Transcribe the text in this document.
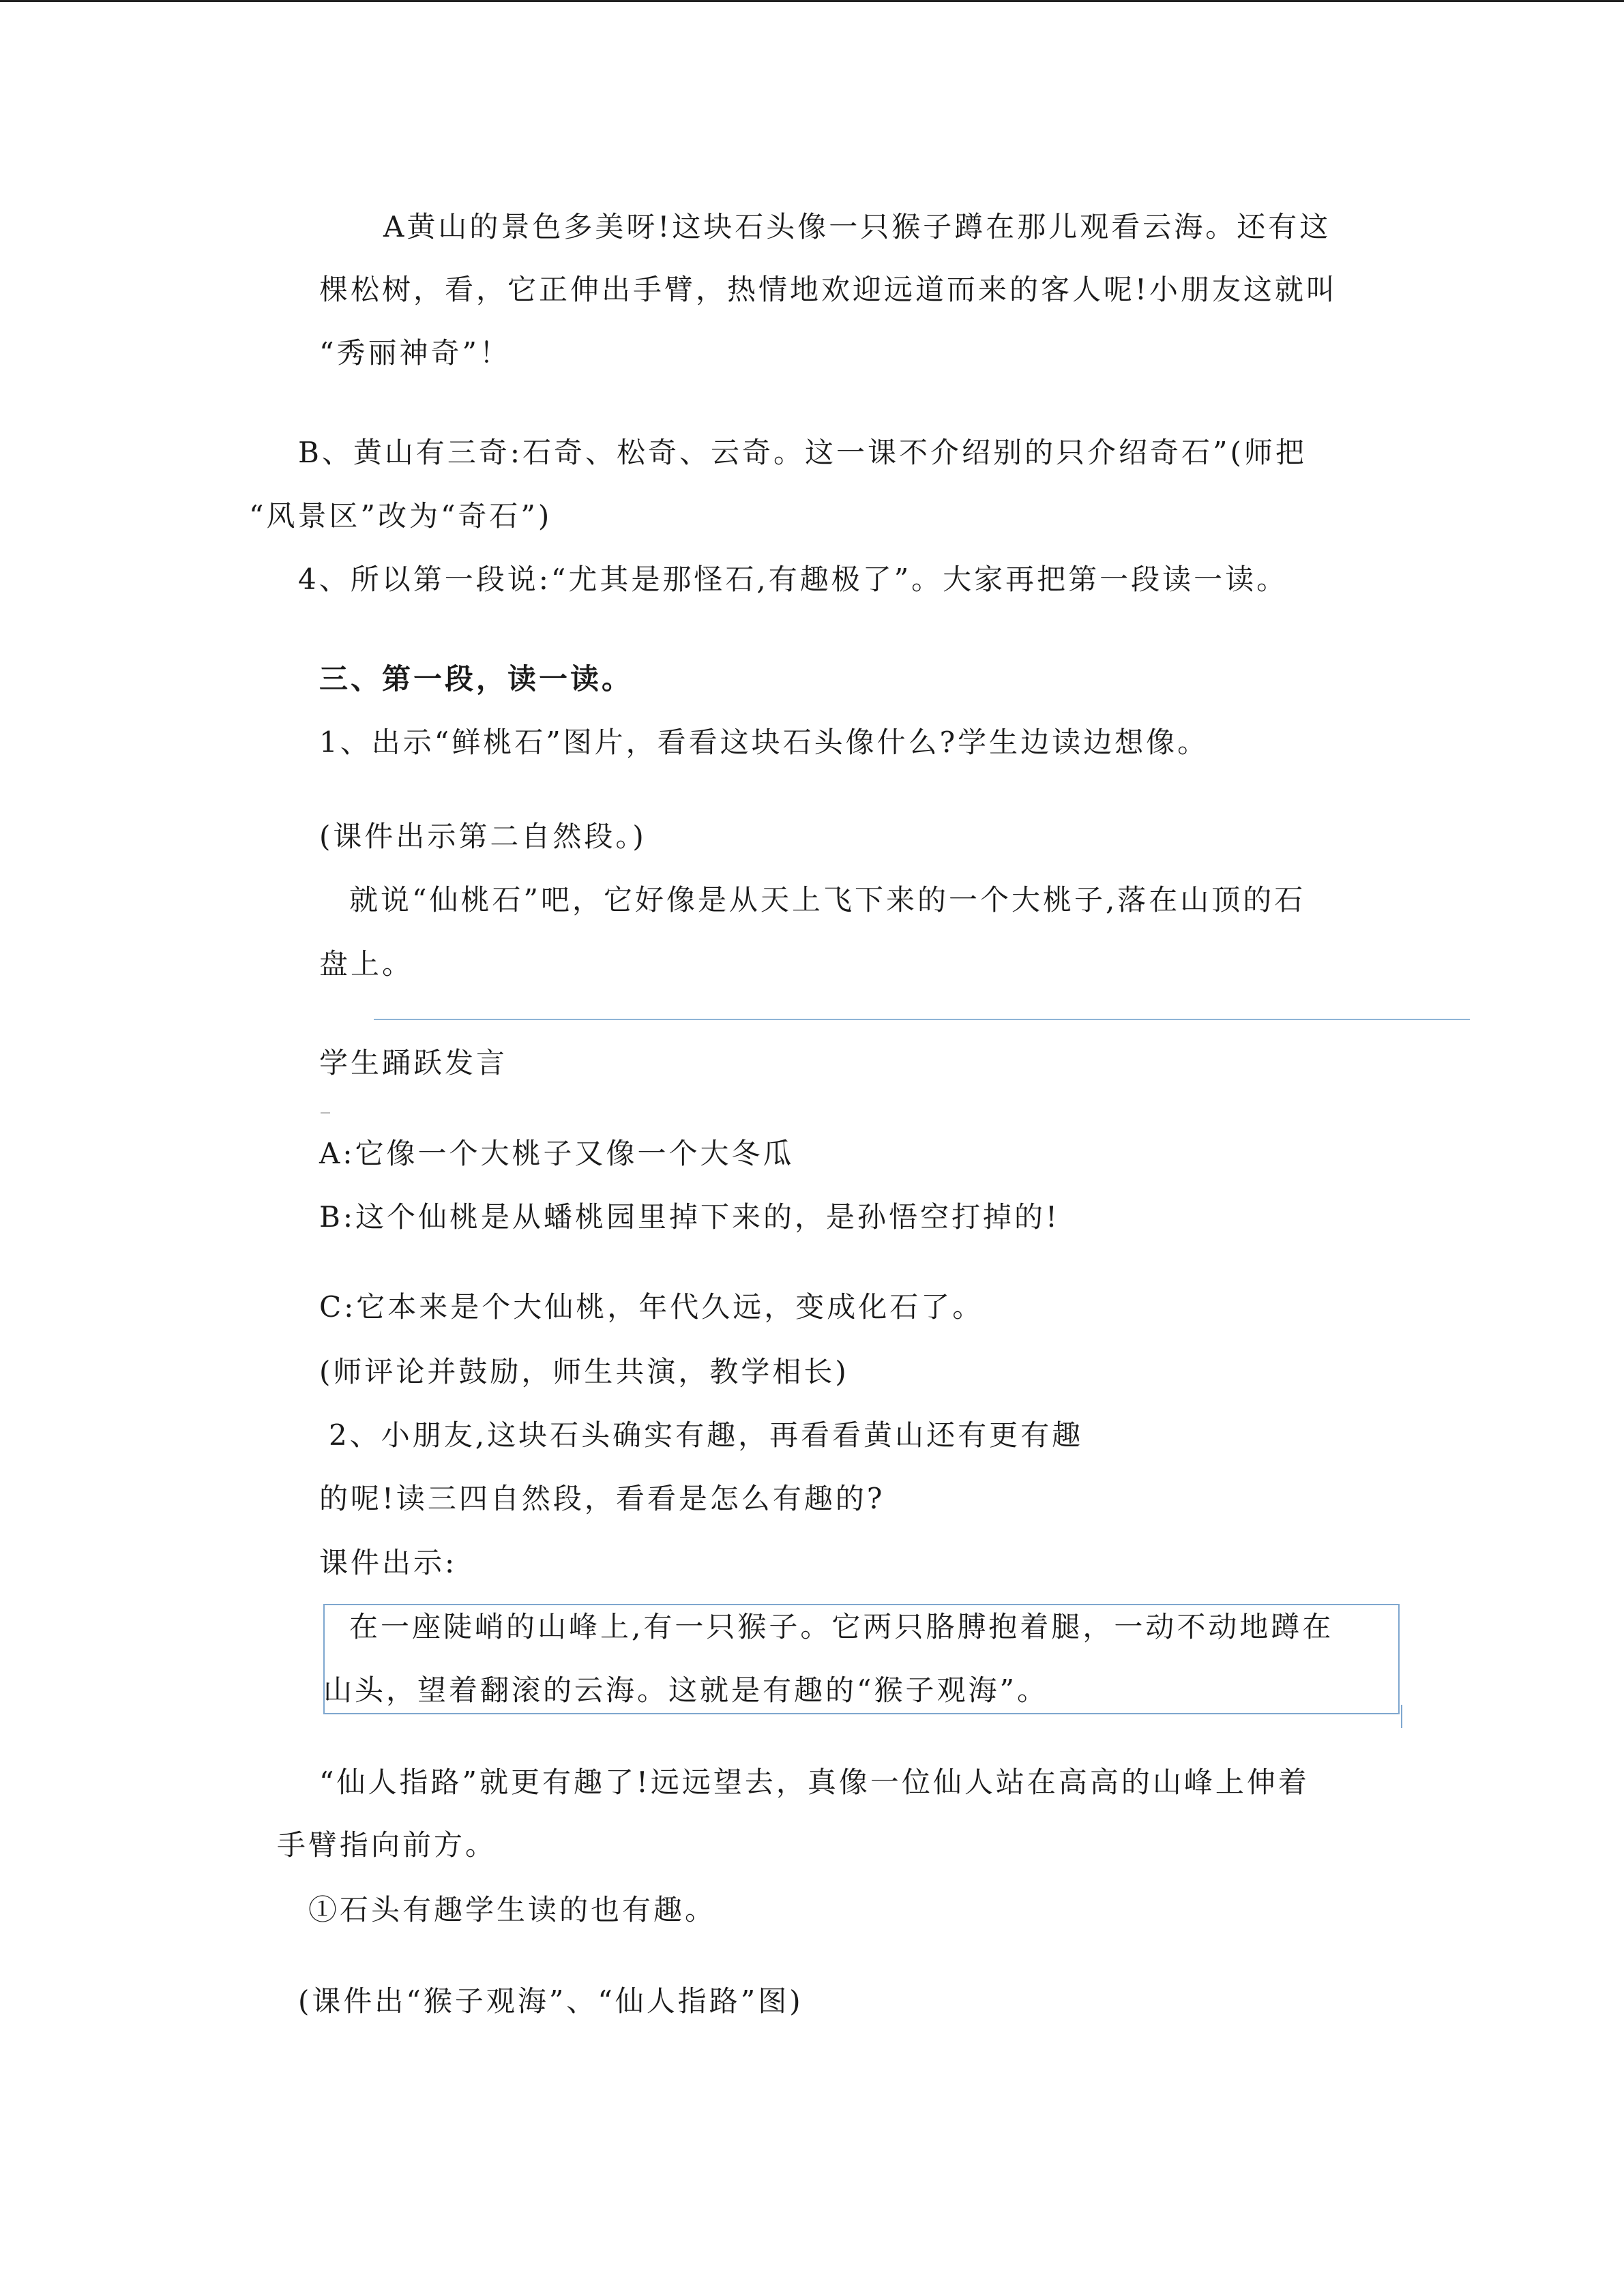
A黄山的景色多美呀!这块石头像一只猴子蹲在那儿观看云海。还有这
棵松树，看，它正伸出手臂，热情地欢迎远道而来的客人呢!小朋友这就叫
“秀丽神奇”！
B、黄山有三奇:石奇、松奇、云奇。这一课不介绍别的只介绍奇石”(师把
“风景区”改为“奇石”)
4、所以第一段说:“尤其是那怪石,有趣极了”。大家再把第一段读一读。
三、第一段，读一读。
1、出示“鲜桃石”图片，看看这块石头像什么?学生边读边想像。
(课件出示第二自然段。)
就说“仙桃石”吧，它好像是从天上飞下来的一个大桃子,落在山顶的石
盘上。
学生踊跃发言
A:它像一个大桃子又像一个大冬瓜
B:这个仙桃是从蟠桃园里掉下来的，是孙悟空打掉的!
C:它本来是个大仙桃，年代久远，变成化石了。
(师评论并鼓励，师生共演，教学相长)
2、小朋友,这块石头确实有趣，再看看黄山还有更有趣
的呢!读三四自然段，看看是怎么有趣的?
课件出示:
在一座陡峭的山峰上,有一只猴子。它两只胳膊抱着腿，一动不动地蹲在
山头，望着翻滚的云海。这就是有趣的“猴子观海”。
“仙人指路”就更有趣了!远远望去，真像一位仙人站在高高的山峰上伸着
手臂指向前方。
①石头有趣学生读的也有趣。
(课件出“猴子观海”、“仙人指路”图)
